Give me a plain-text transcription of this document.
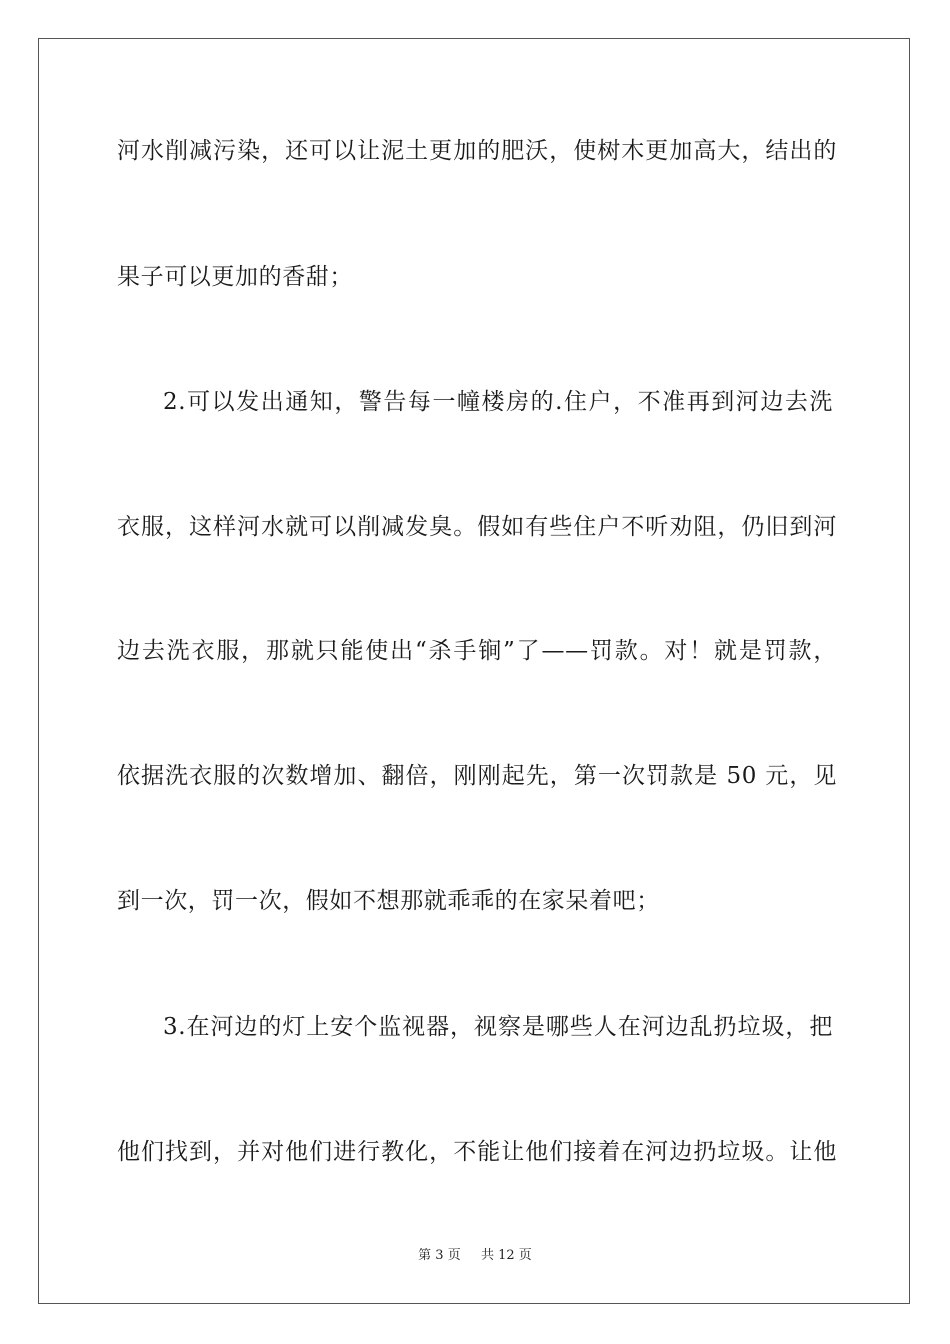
河水削减污染，还可以让泥土更加的肥沃，使树木更加高大，结出的
果子可以更加的香甜；
2.可以发出通知，警告每一幢楼房的.住户，不准再到河边去洗
衣服，这样河水就可以削减发臭。假如有些住户不听劝阻，仍旧到河
边去洗衣服，那就只能使出“杀手锏”了——罚款。对！就是罚款，
依据洗衣服的次数增加、翻倍，刚刚起先，第一次罚款是 50 元，见
到一次，罚一次，假如不想那就乖乖的在家呆着吧；
3.在河边的灯上安个监视器，视察是哪些人在河边乱扔垃圾，把
他们找到，并对他们进行教化，不能让他们接着在河边扔垃圾。让他
第 3 页 共 12 页
